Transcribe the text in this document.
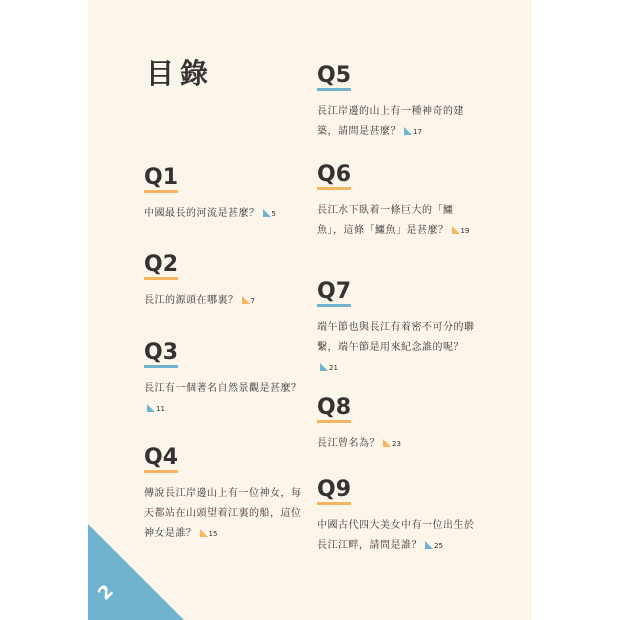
目錄
Q1
中國最長的河流是甚麼？ 5
Q2
長江的源頭在哪裏？ 7
Q3
長江有一個著名自然景觀是甚麼？11
Q4
傳說長江岸邊山上有一位神女，每天都站在山頭望着江裏的船，這位神女是誰？ 15
Q5
長江岸邊的山上有一種神奇的建築，請問是甚麼？ 17
Q6
長江水下臥着一條巨大的「鱷魚」，這條「鱷魚」是甚麼？ 19
Q7
端午節也與長江有着密不可分的聯繫，端午節是用來紀念誰的呢？21
Q8
長江曾名為？ 23
Q9
中國古代四大美女中有一位出生於長江江畔，請問是誰？ 25
2
